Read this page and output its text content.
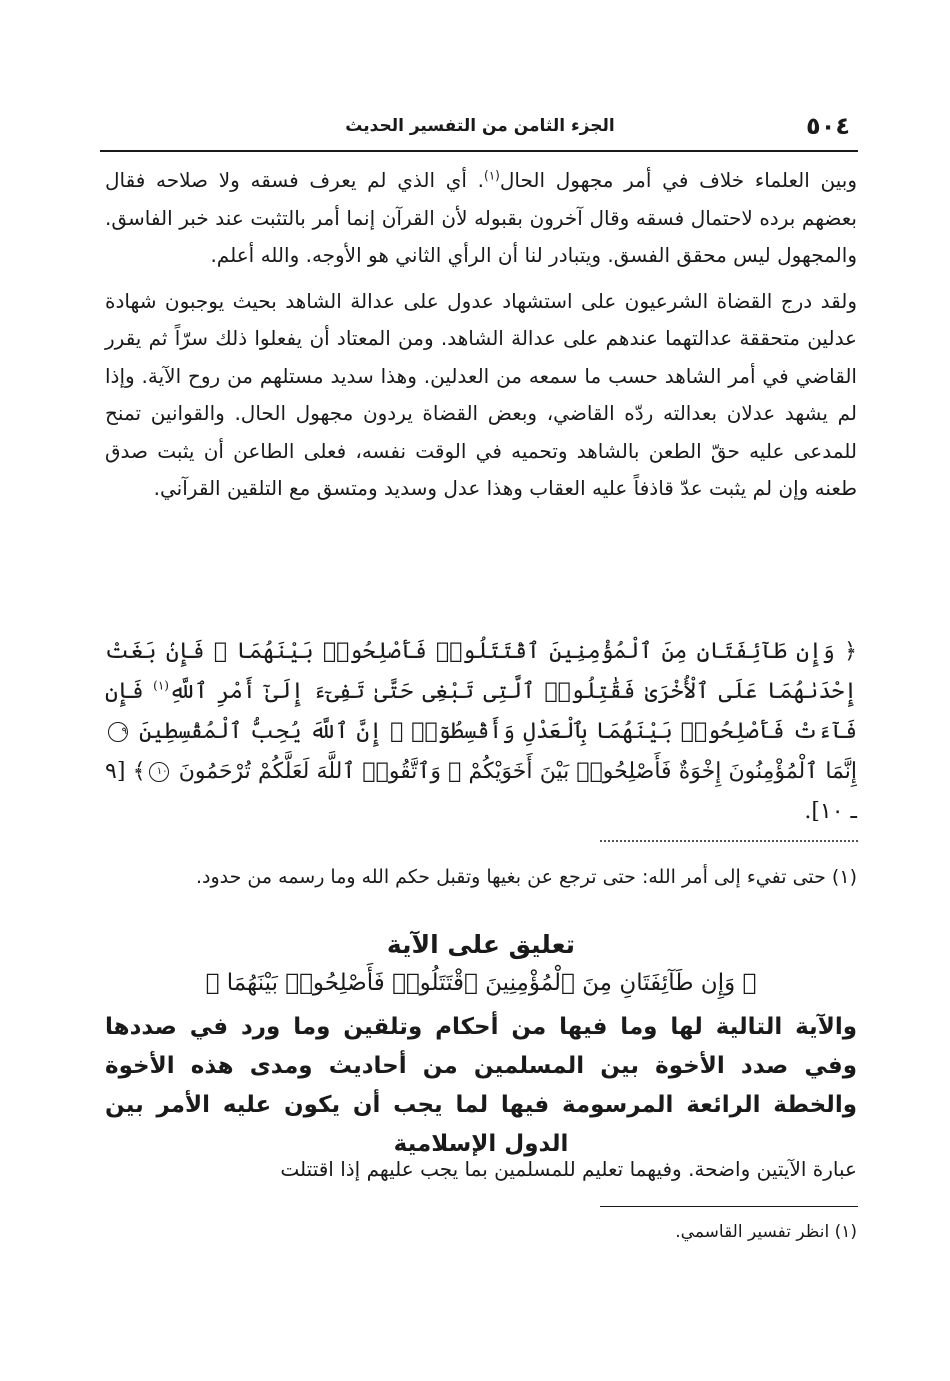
٥٠٤
الجزء الثامن من التفسير الحديث

وبين العلماء خلاف في أمر مجهول الحال$^{(١)}$. أي الذي لم يعرف فسقه ولا صلاحه فقال بعضهم برده لاحتمال فسقه وقال آخرون بقبوله لأن القرآن إنما أمر بالتثبت عند خبر الفاسق. والمجهول ليس محقق الفسق. ويتبادر لنا أن الرأي الثاني هو الأوجه. والله أعلم.

ولقد درج القضاة الشرعيون على استشهاد عدول على عدالة الشاهد بحيث يوجبون شهادة عدلين متحققة عدالتهما عندهم على عدالة الشاهد. ومن المعتاد أن يفعلوا ذلك سرّاً ثم يقرر القاضي في أمر الشاهد حسب ما سمعه من العدلين. وهذا سديد مستلهم من روح الآية. وإذا لم يشهد عدلان بعدالته ردّه القاضي، وبعض القضاة يردون مجهول الحال. والقوانين تمنح للمدعى عليه حقّ الطعن بالشاهد وتحميه في الوقت نفسه، فعلى الطاعن أن يثبت صدق طعنه وإن لم يثبت عدّ قاذفاً عليه العقاب وهذا عدل وسديد ومتسق مع التلقين القرآني.

﴿ وَإِن طَآئِفَتَانِ مِنَ ٱلْمُؤْمِنِينَ ٱقْتَتَلُوا۟ فَأَصْلِحُوا۟ بَيْنَهُمَا ۖ فَإِنۢ بَغَتْ إِحْدَىٰهُمَا عَلَى ٱلْأُخْرَىٰ فَقَٰتِلُوا۟ ٱلَّتِى تَبْغِى حَتَّىٰ تَفِىٓءَ إِلَىٰٓ أَمْرِ ٱللَّهِ$^{(١)}$ فَإِن فَآءَتْ فَأَصْلِحُوا۟ بَيْنَهُمَا بِٱلْعَدْلِ وَأَقْسِطُوٓا۟ ۖ إِنَّ ٱللَّهَ يُحِبُّ ٱلْمُقْسِطِينَ ٩ إِنَّمَا ٱلْمُؤْمِنُونَ إِخْوَةٌ فَأَصْلِحُوا۟ بَيْنَ أَخَوَيْكُمْ ۚ وَٱتَّقُوا۟ ٱللَّهَ لَعَلَّكُمْ تُرْحَمُونَ ١٠﴾ [٩ ـ ١٠].

(١) حتى تفيء إلى أمر الله: حتى ترجع عن بغيها وتقبل حكم الله وما رسمه من حدود.

تعليق على الآية
﴿ وَإِن طَآئِفَتَانِ مِنَ ٱلْمُؤْمِنِينَ ٱقْتَتَلُوا۟ فَأَصْلِحُوا۟ بَيْنَهُمَا ﴾

والآية التالية لها وما فيها من أحكام وتلقين وما ورد في صددها وفي صدد الأخوة بين المسلمين من أحاديث ومدى هذه الأخوة والخطة الرائعة المرسومة فيها لما يجب أن يكون عليه الأمر بين الدول الإسلامية

عبارة الآيتين واضحة. وفيهما تعليم للمسلمين بما يجب عليهم إذا اقتتلت

(١) انظر تفسير القاسمي.
